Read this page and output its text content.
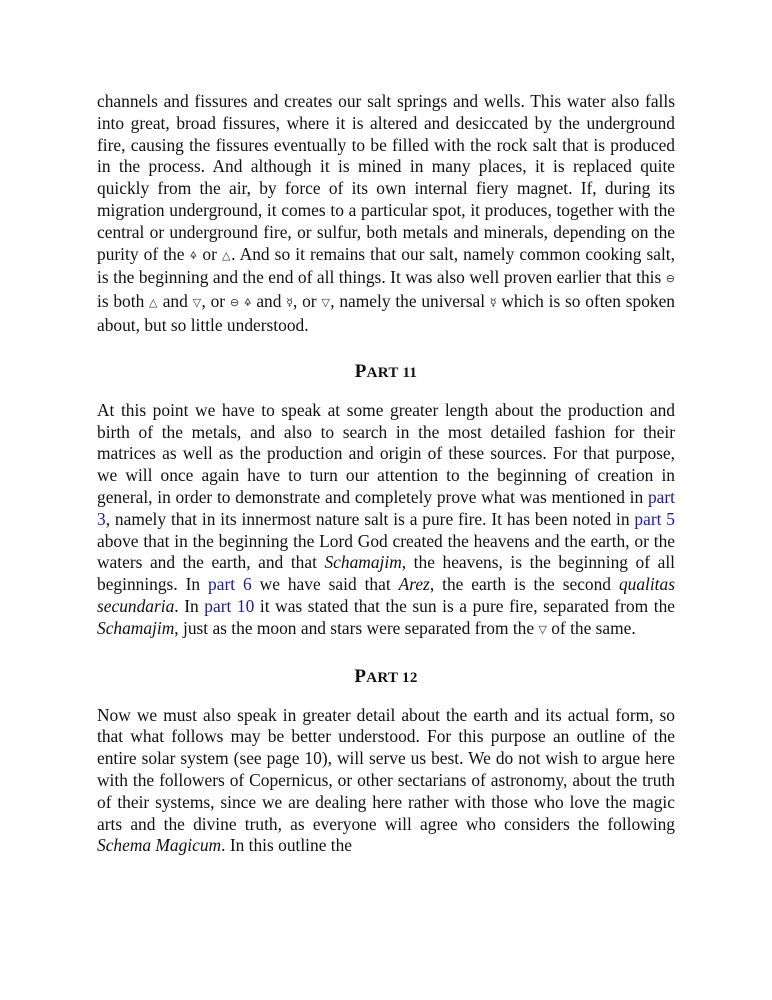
channels and fissures and creates our salt springs and wells. This water also falls into great, broad fissures, where it is altered and desiccated by the underground fire, causing the fissures eventually to be filled with the rock salt that is produced in the process. And although it is mined in many places, it is replaced quite quickly from the air, by force of its own internal fiery magnet. If, during its migration underground, it comes to a particular spot, it produces, together with the central or underground fire, or sulfur, both metals and minerals, depending on the purity of the 🜍 or △. And so it remains that our salt, namely common cooking salt, is the beginning and the end of all things. It was also well proven earlier that this ⊖ is both △ and ▽, or ⊖ 🜍 and ☿, or ▽, namely the universal ☿ which is so often spoken about, but so little understood.

PART 11

At this point we have to speak at some greater length about the production and birth of the metals, and also to search in the most detailed fashion for their matrices as well as the production and origin of these sources. For that purpose, we will once again have to turn our attention to the beginning of creation in general, in order to demonstrate and completely prove what was mentioned in part 3, namely that in its innermost nature salt is a pure fire. It has been noted in part 5 above that in the beginning the Lord God created the heavens and the earth, or the waters and the earth, and that Schamajim, the heavens, is the beginning of all beginnings. In part 6 we have said that Arez, the earth is the second qualitas secundaria. In part 10 it was stated that the sun is a pure fire, separated from the Schamajim, just as the moon and stars were separated from the ▽ of the same.

PART 12

Now we must also speak in greater detail about the earth and its actual form, so that what follows may be better understood. For this purpose an outline of the entire solar system (see page 10), will serve us best. We do not wish to argue here with the followers of Copernicus, or other sectarians of astronomy, about the truth of their systems, since we are dealing here rather with those who love the magic arts and the divine truth, as everyone will agree who considers the following Schema Magicum. In this outline the
